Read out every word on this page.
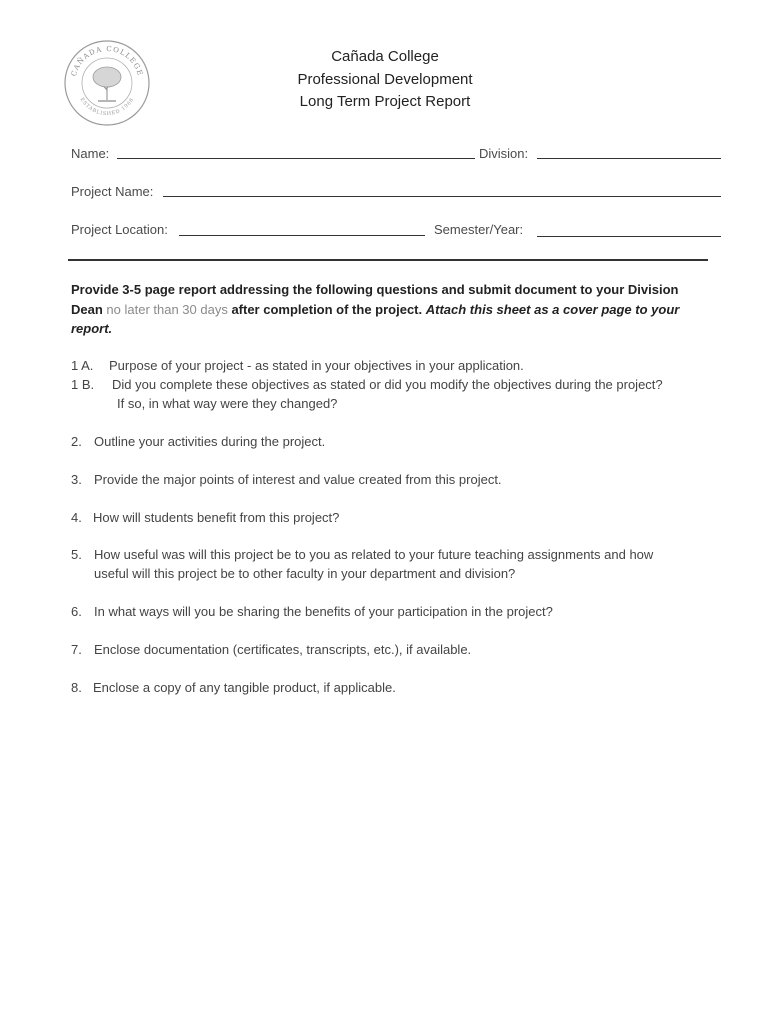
CAÑADA COLLEGE
ESTABLISHED 1968
Cañada College
Professional Development
Long Term Project Report
Name:	Division:
Project Name:
Project Location:	Semester/Year:
Provide 3-5 page report addressing the following questions and submit document to your Division Dean no later than 30 days after completion of the project. Attach this sheet as a cover page to your report.
1 A. Purpose of your project - as stated in your objectives in your application.
1 B. Did you complete these objectives as stated or did you modify the objectives during the project?
If so, in what way were they changed?
2. Outline your activities during the project.
3. Provide the major points of interest and value created from this project.
4. How will students benefit from this project?
5. How useful was will this project be to you as related to your future teaching assignments and how
useful will this project be to other faculty in your department and division?
6. In what ways will you be sharing the benefits of your participation in the project?
7. Enclose documentation (certificates, transcripts, etc.), if available.
8. Enclose a copy of any tangible product, if applicable.
